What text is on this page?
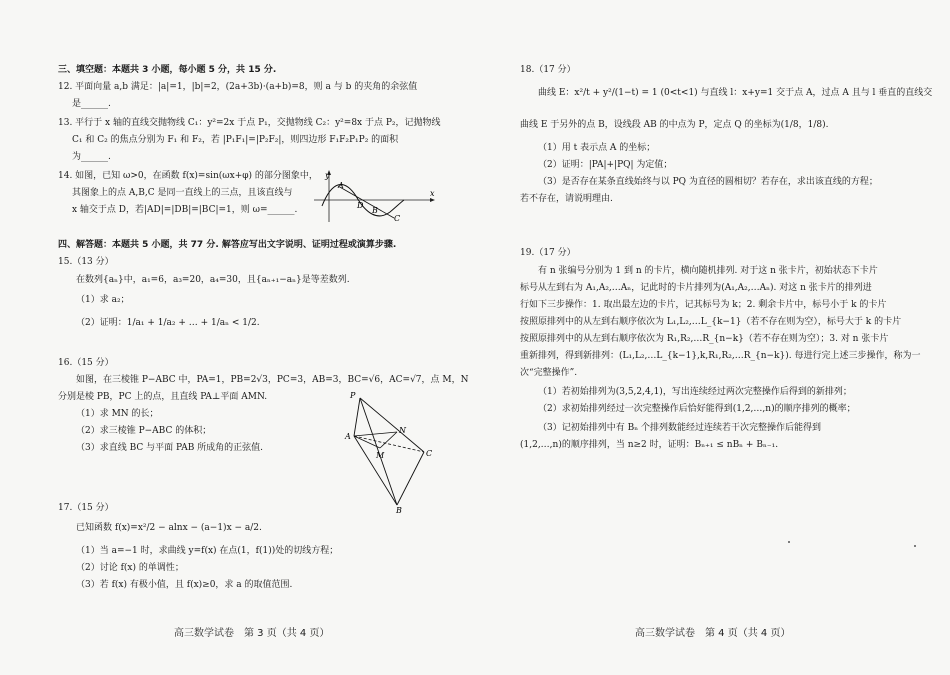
三、填空题：本题共 3 小题，每小题 5 分，共 15 分.
12. 平面向量 a,b 满足：|a|=1，|b|=2，(2a+3b)·(a+b)=8，则 a 与 b 的夹角的余弦值
是______.
13. 平行于 x 轴的直线交抛物线 C₁：y²=2x 于点 P₁，交抛物线 C₂：y²=8x 于点 P₂，记抛物线
C₁ 和 C₂ 的焦点分别为 F₁ 和 F₂，若 |P₁F₁|=|P₂F₂|，则四边形 F₁F₂P₁P₂ 的面积
为______.
14. 如图，已知 ω>0，在函数 f(x)=sin(ωx+φ) 的部分图象中，
其图象上的点 A,B,C 是同一直线上的三点，且该直线与
x 轴交于点 D，若|AD|=|DB|=|BC|=1，则 ω=______.
y
x
A
D
B
C
四、解答题：本题共 5 小题，共 77 分. 解答应写出文字说明、证明过程或演算步骤.
15.（13 分）
在数列{aₙ}中，a₁=6，a₃=20，a₄=30，且{aₙ₊₁−aₙ}是等差数列.
（1）求 a₂；
（2）证明：1/a₁ + 1/a₂ + … + 1/aₙ < 1/2.
16.（15 分）
如图，在三棱锥 P−ABC 中，PA=1，PB=2√3，PC=3，AB=3，BC=√6，AC=√7，点 M，N
分别是棱 PB，PC 上的点，且直线 PA⊥平面 AMN.
（1）求 MN 的长；
（2）求三棱锥 P−ABC 的体积；
（3）求直线 BC 与平面 PAB 所成角的正弦值.
P
A
N
M	C
B
17.（15 分）
已知函数 f(x)=x²/2 − alnx − (a−1)x − a/2.
（1）当 a=−1 时，求曲线 y=f(x) 在点(1，f(1))处的切线方程；
（2）讨论 f(x) 的单调性；
（3）若 f(x) 有极小值，且 f(x)≥0，求 a 的取值范围.
高三数学试卷　第 3 页（共 4 页）
18.（17 分）
曲线 E：x²/t + y²/(1−t) = 1 (0<t<1) 与直线 l：x+y=1 交于点 A，过点 A 且与 l 垂直的直线交
曲线 E 于另外的点 B，设线段 AB 的中点为 P，定点 Q 的坐标为(1/8，1/8).
（1）用 t 表示点 A 的坐标；
（2）证明：|PA|+|PQ| 为定值；
（3）是否存在某条直线始终与以 PQ 为直径的圆相切？若存在，求出该直线的方程；
若不存在，请说明理由.
19.（17 分）
有 n 张编号分别为 1 到 n 的卡片，横向随机排列. 对于这 n 张卡片，初始状态下卡片
标号从左到右为 A₁,A₂,…Aₙ，记此时的卡片排列为(A₁,A₂,…Aₙ). 对这 n 张卡片的排列进
行如下三步操作：1. 取出最左边的卡片，记其标号为 k；2. 剩余卡片中，标号小于 k 的卡片
按照原排列中的从左到右顺序依次为 L₁,L₂,…L_{k−1}（若不存在则为空），标号大于 k 的卡片
按照原排列中的从左到右顺序依次为 R₁,R₂,…R_{n−k}（若不存在则为空）；3. 对 n 张卡片
重新排列，得到新排列：(L₁,L₂,…L_{k−1},k,R₁,R₂,…R_{n−k}). 每进行完上述三步操作，称为一
次“完整操作”.
（1）若初始排列为(3,5,2,4,1)，写出连续经过两次完整操作后得到的新排列；
（2）求初始排列经过一次完整操作后恰好能得到(1,2,…,n)的顺序排列的概率；
（3）记初始排列中有 Bₙ 个排列数能经过连续若干次完整操作后能得到
(1,2,…,n)的顺序排列，当 n≥2 时，证明：Bₙ₊₁ ≤ nBₙ + Bₙ₋₁.
高三数学试卷　第 4 页（共 4 页）
